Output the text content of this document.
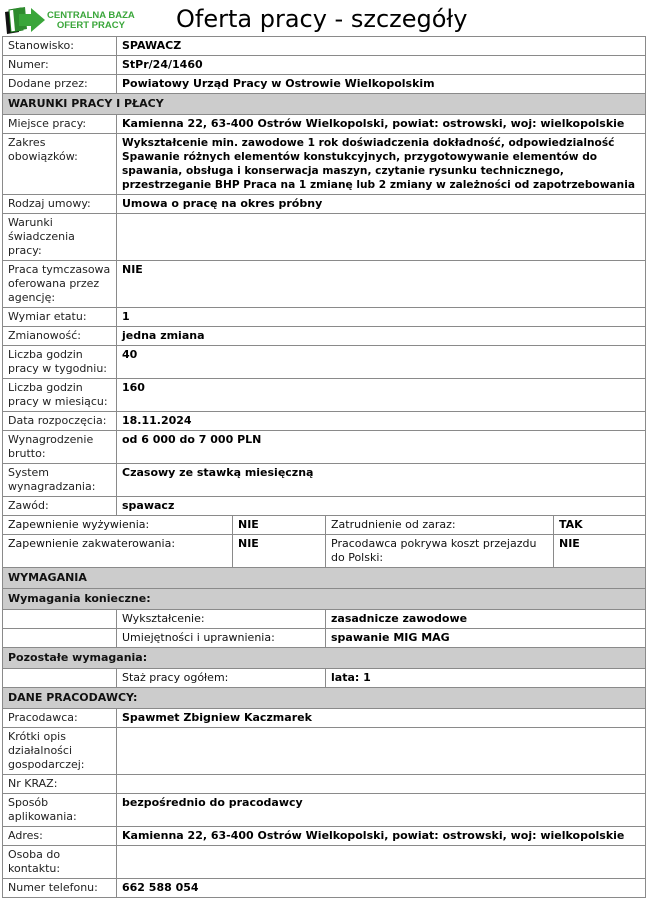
CENTRALNA BAZA
OFERT PRACY	Oferta pracy - szczegóły
Stanowisko:	SPAWACZ			
Numer:	StPr/24/1460			
Dodane przez:	Powiatowy Urząd Pracy w Ostrowie Wielkopolskim			
WARUNKI PRACY I PŁACY				
Miejsce pracy:	Kamienna 22, 63-400 Ostrów Wielkopolski, powiat: ostrowski, woj: wielkopolskie			
Zakres obowiązków:	Wykształcenie min. zawodowe 1 rok doświadczenia dokładność, odpowiedzialność Spawanie różnych elementów konstukcyjnych, przygotowywanie elementów do spawania, obsługa i konserwacja maszyn, czytanie rysunku technicznego, przestrzeganie BHP Praca na 1 zmianę lub 2 zmiany w zależności od zapotrzebowania			
Rodzaj umowy:	Umowa o pracę na okres próbny			
Warunki świadczenia pracy:				
Praca tymczasowa oferowana przez agencję:	NIE			
Wymiar etatu:	1			
Zmianowość:	jedna zmiana			
Liczba godzin pracy w tygodniu:	40			
Liczba godzin pracy w miesiącu:	160			
Data rozpoczęcia:	18.11.2024			
Wynagrodzenie brutto:	od 6 000 do 7 000 PLN			
System wynagradzania:	Czasowy ze stawką miesięczną			
Zawód:	spawacz			
Zapewnienie wyżywienia:		NIE	Zatrudnienie od zaraz:	TAK
Zapewnienie zakwaterowania:		NIE	Pracodawca pokrywa koszt przejazdu do Polski:	NIE
WYMAGANIA				
Wymagania konieczne:				
	Wykształcenie:		zasadnicze zawodowe	
	Umiejętności i uprawnienia:		spawanie MIG MAG	
Pozostałe wymagania:				
	Staż pracy ogółem:		lata: 1	
DANE PRACODAWCY:				
Pracodawca:	Spawmet Zbigniew Kaczmarek			
Krótki opis działalności gospodarczej:				
Nr KRAZ:				
Sposób aplikowania:	bezpośrednio do pracodawcy			
Adres:	Kamienna 22, 63-400 Ostrów Wielkopolski, powiat: ostrowski, woj: wielkopolskie			
Osoba do kontaktu:				
Numer telefonu:	662 588 054			
